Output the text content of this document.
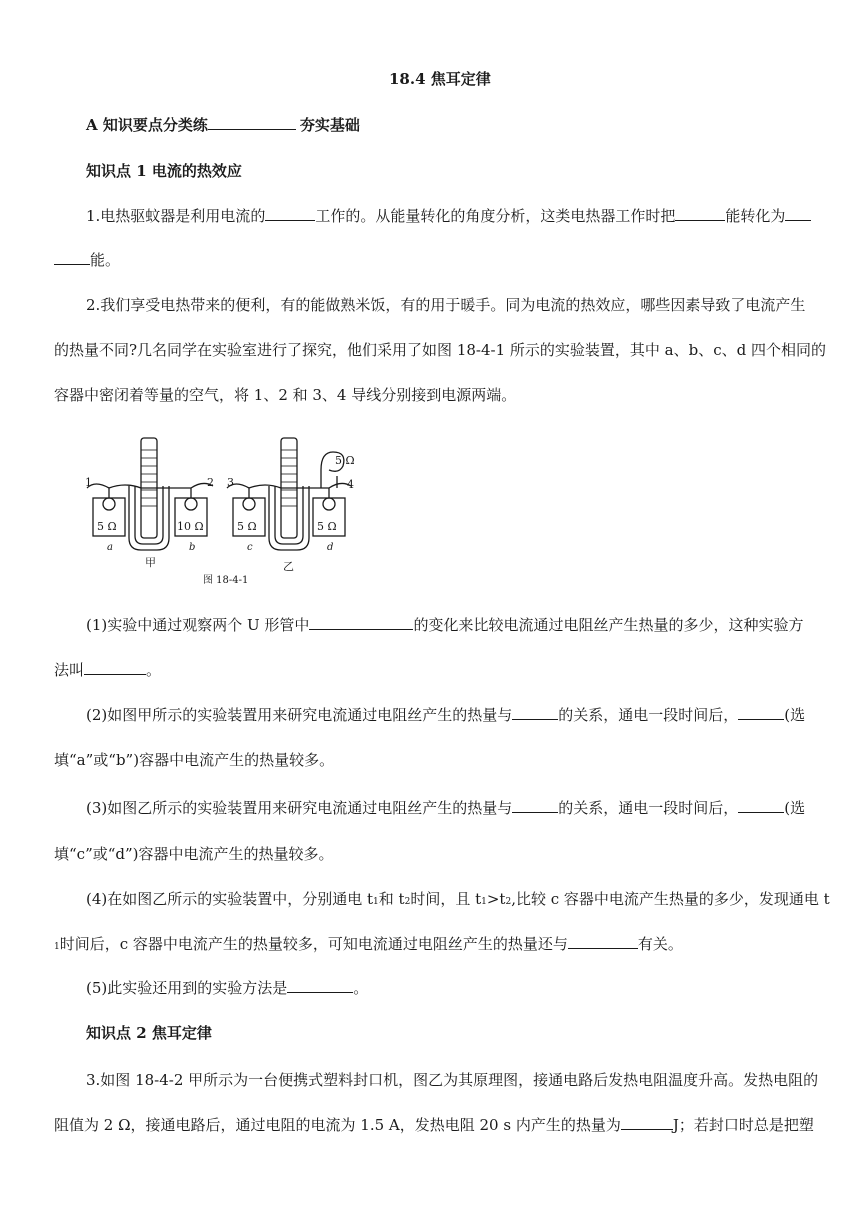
18.4 焦耳定律
A 知识要点分类练	夯实基础
知识点 1 电流的热效应
1.电热驱蚊器是利用电流的	工作的。从能量转化的角度分析，这类电热器工作时把	能转化为
能。
2.我们享受电热带来的便利，有的能做熟米饭，有的用于暖手。同为电流的热效应，哪些因素导致了电流产生
的热量不同?几名同学在实验室进行了探究，他们采用了如图 18-4-1 所示的实验装置，其中 a、b、c、d 四个相同的
容器中密闭着等量的空气，将 1、2 和 3、4 导线分别接到电源两端。
1	2 3	4
5 Ω	10 Ω	5 Ω	5 Ω
5 Ω
a	b	c	d
甲	乙
图 18-4-1
(1)实验中通过观察两个 U 形管中	的变化来比较电流通过电阻丝产生热量的多少，这种实验方
法叫	。
(2)如图甲所示的实验装置用来研究电流通过电阻丝产生的热量与	的关系，通电一段时间后，	(选
填“a”或“b”)容器中电流产生的热量较多。
(3)如图乙所示的实验装置用来研究电流通过电阻丝产生的热量与	的关系，通电一段时间后，	(选
填“c”或“d”)容器中电流产生的热量较多。
(4)在如图乙所示的实验装置中，分别通电 t1和 t2时间，且 t1>t2,比较 c 容器中电流产生热量的多少，发现通电 t
1时间后，c 容器中电流产生的热量较多，可知电流通过电阻丝产生的热量还与	有关。
(5)此实验还用到的实验方法是	。
知识点 2 焦耳定律
3.如图 18-4-2 甲所示为一台便携式塑料封口机，图乙为其原理图，接通电路后发热电阻温度升高。发热电阻的
阻值为 2 Ω，接通电路后，通过电阻的电流为 1.5 A，发热电阻 20 s 内产生的热量为	J；若封口时总是把塑
